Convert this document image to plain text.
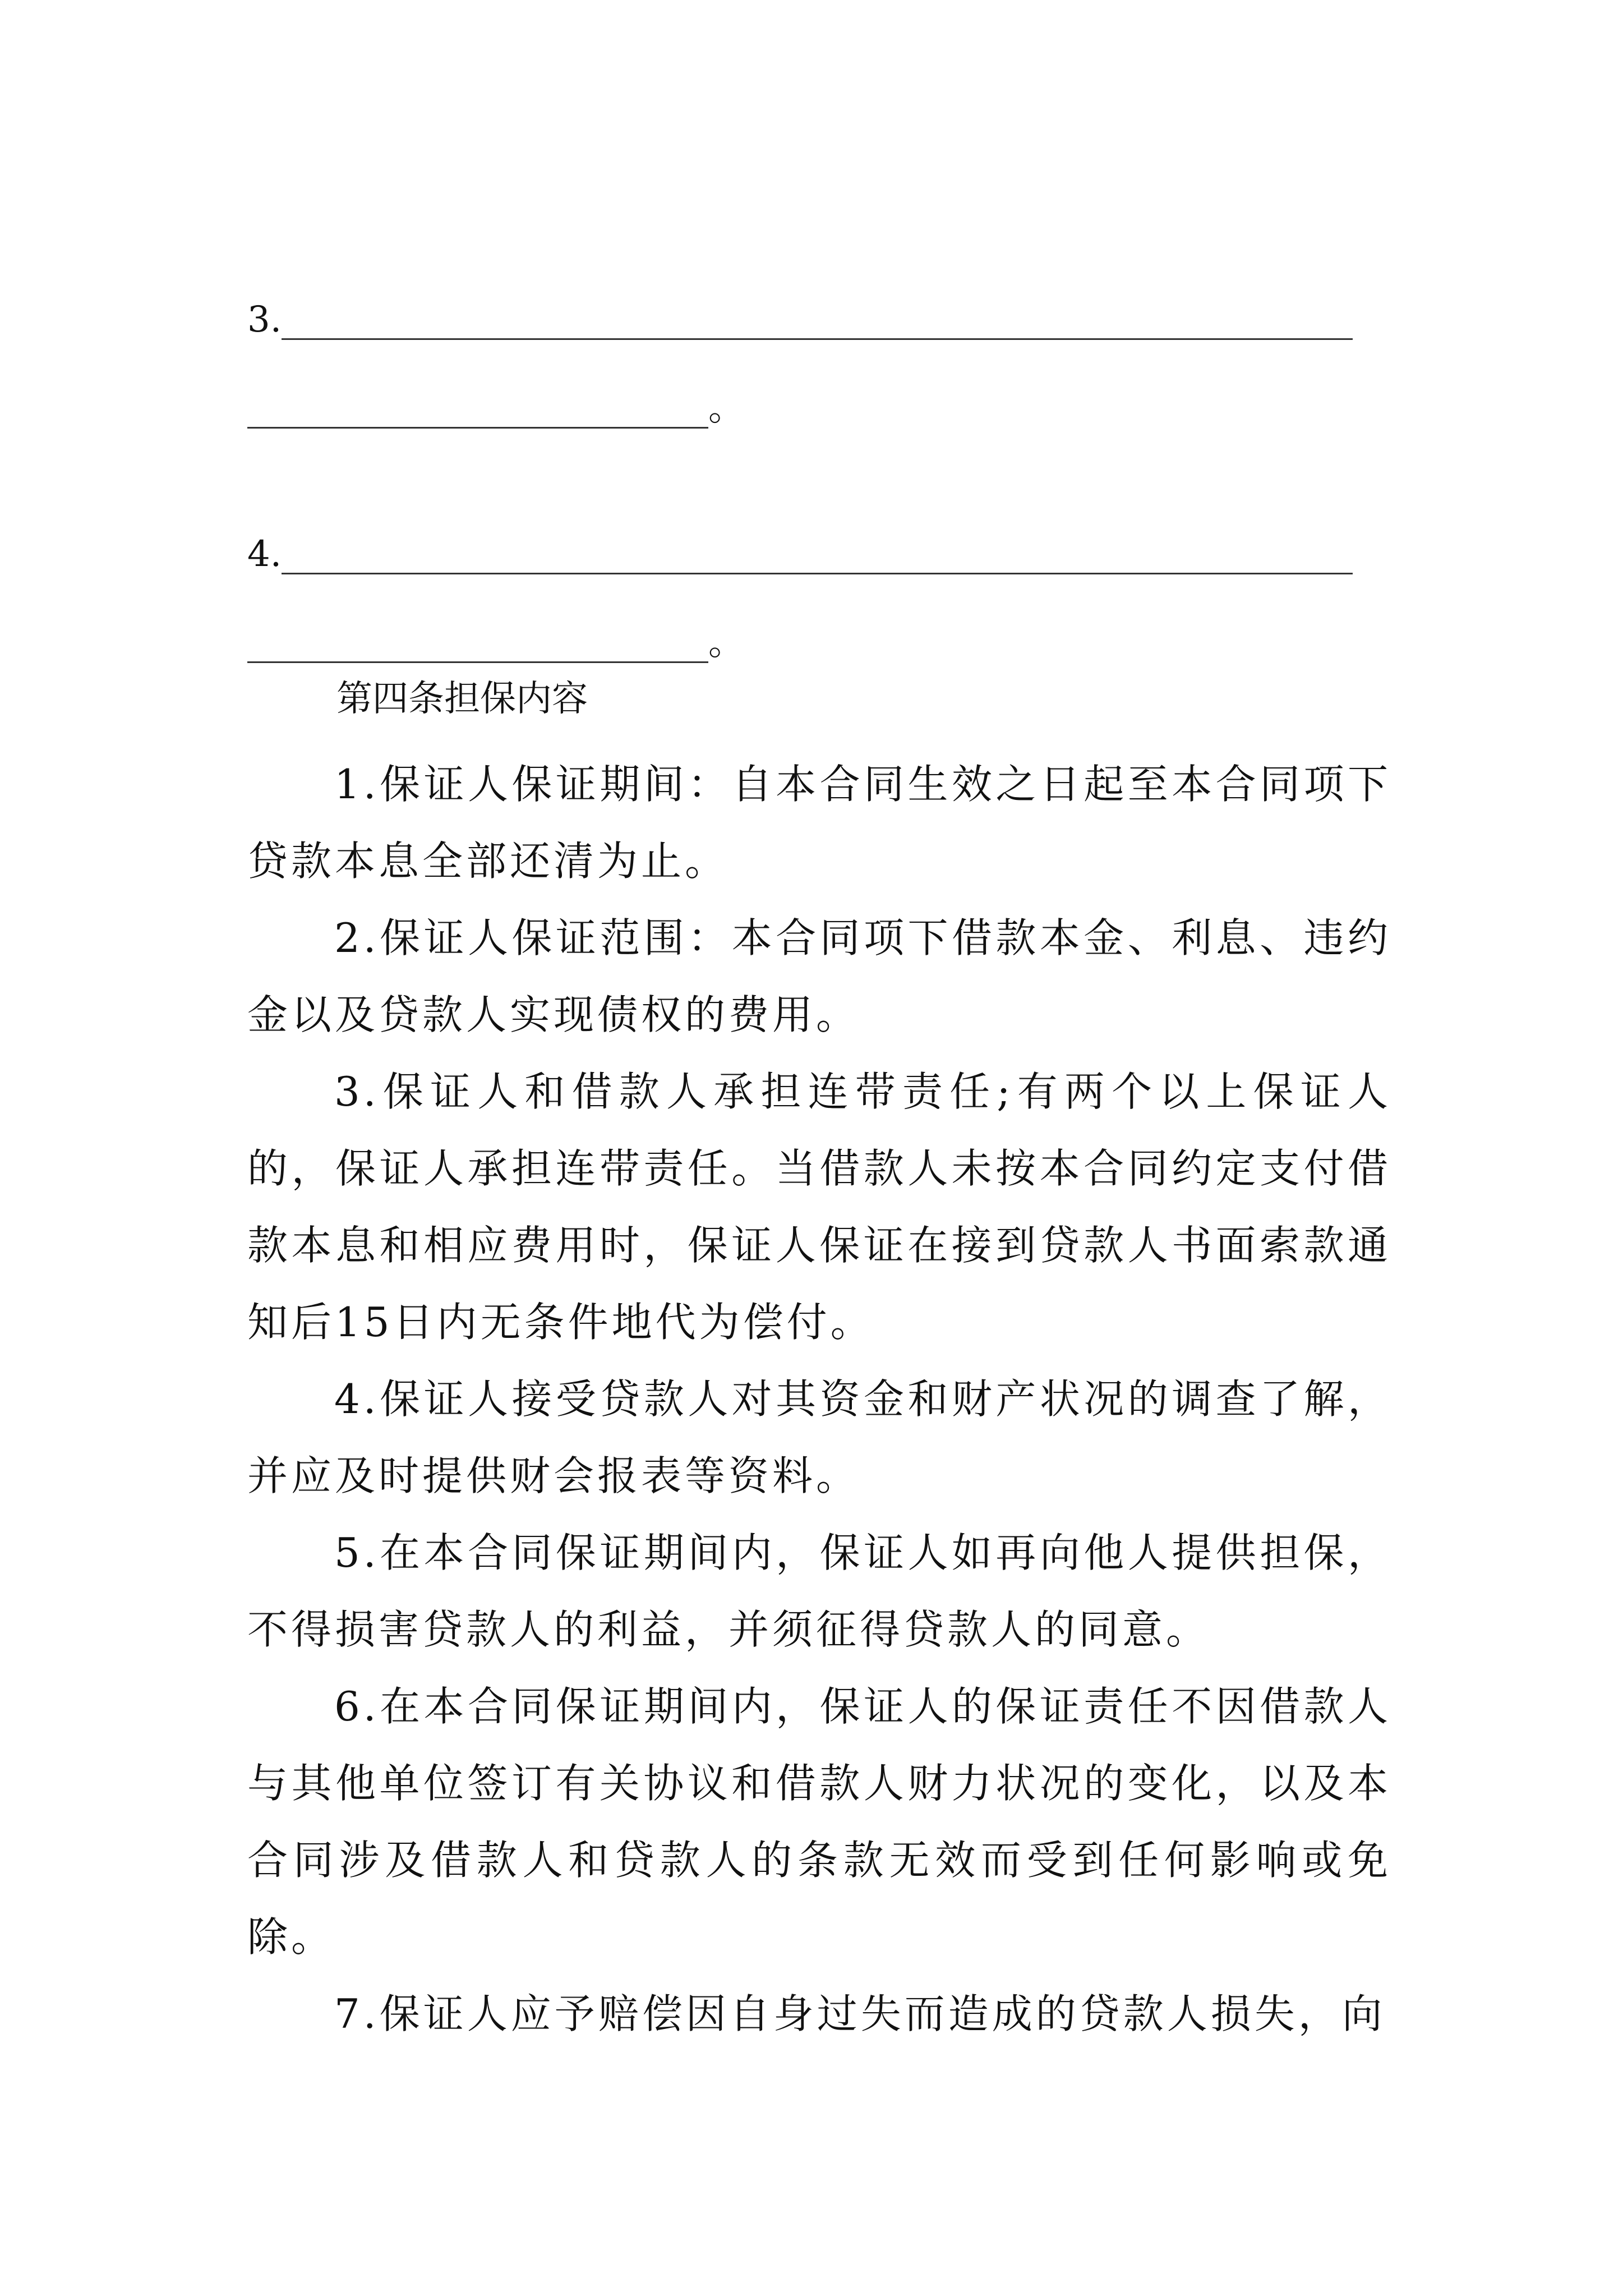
3.
。
4.
。
第四条担保内容
1.保证人保证期间：自本合同生效之日起至本合同项下贷款本息全部还清为止。
2.保证人保证范围：本合同项下借款本金、利息、违约金以及贷款人实现债权的费用。
3.保证人和借款人承担连带责任;有两个以上保证人的，保证人承担连带责任。当借款人未按本合同约定支付借款本息和相应费用时，保证人保证在接到贷款人书面索款通知后15日内无条件地代为偿付。
4.保证人接受贷款人对其资金和财产状况的调查了解，并应及时提供财会报表等资料。
5.在本合同保证期间内，保证人如再向他人提供担保，不得损害贷款人的利益，并须征得贷款人的同意。
6.在本合同保证期间内，保证人的保证责任不因借款人与其他单位签订有关协议和借款人财力状况的变化，以及本合同涉及借款人和贷款人的条款无效而受到任何影响或免除。
7.保证人应予赔偿因自身过失而造成的贷款人损失，向
